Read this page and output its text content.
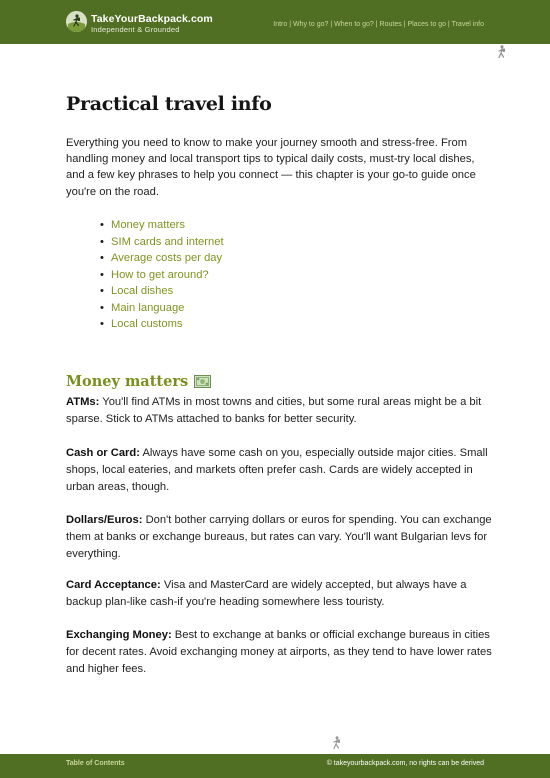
TakeYourBackpack.com
Independent & Grounded
Intro | Why to go? | When to go? | Routes | Places to go | Travel info
Practical travel info

Everything you need to know to make your journey smooth and stress-free. From handling money and local transport tips to typical daily costs, must-try local dishes, and a few key phrases to help you connect — this chapter is your go-to guide once you're on the road.

• Money matters
• SIM cards and internet
• Average costs per day
• How to get around?
• Local dishes
• Main language
• Local customs
Money matters

ATMs: You'll find ATMs in most towns and cities, but some rural areas might be a bit sparse. Stick to ATMs attached to banks for better security.

Cash or Card: Always have some cash on you, especially outside major cities. Small shops, local eateries, and markets often prefer cash. Cards are widely accepted in urban areas, though.

Dollars/Euros: Don't bother carrying dollars or euros for spending. You can exchange them at banks or exchange bureaus, but rates can vary. You'll want Bulgarian levs for everything.

Card Acceptance: Visa and MasterCard are widely accepted, but always have a backup plan-like cash-if you're heading somewhere less touristy.

Exchanging Money: Best to exchange at banks or official exchange bureaus in cities for decent rates. Avoid exchanging money at airports, as they tend to have lower rates and higher fees.

Table of Contents	© takeyourbackpack.com, no rights can be derived
